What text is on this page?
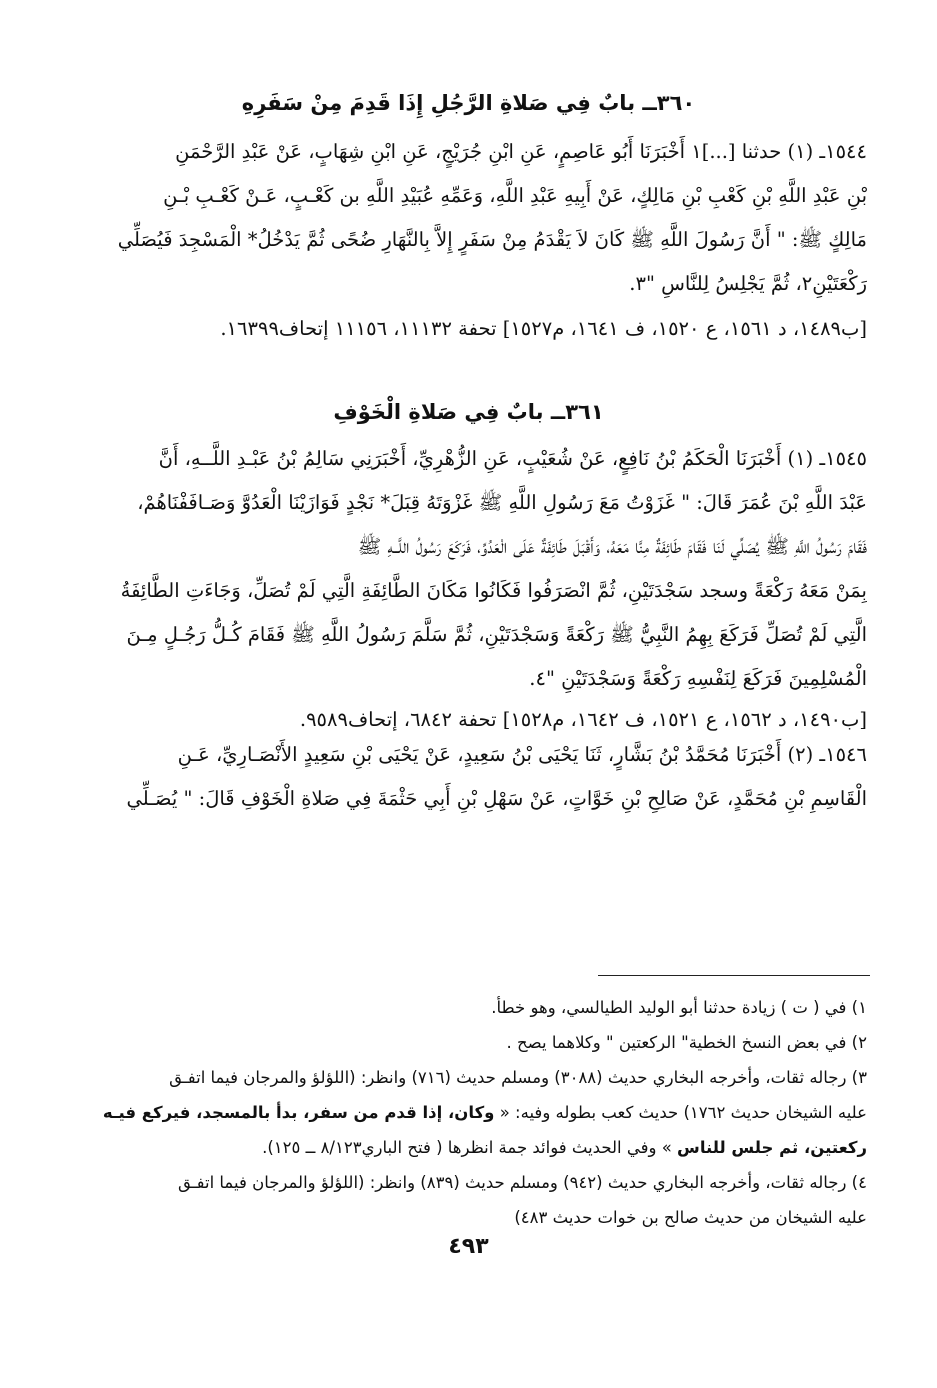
٣٦٠ــ بابٌ فِي صَلاةِ الرَّجُلِ إِذَا قَدِمَ مِنْ سَفَرِهِ
١٥٤٤ـ (١) حدثنا [...]١ أَخْبَرَنَا أَبُو عَاصِمٍ، عَنِ ابْنِ جُرَيْجٍ، عَنِ ابْنِ شِهَابٍ، عَنْ عَبْدِ الرَّحْمَنِ
بْنِ عَبْدِ اللَّهِ بْنِ كَعْبِ بْنِ مَالِكٍ، عَنْ أَبِيهِ عَبْدِ اللَّهِ، وَعَمِّهِ عُبَيْدِ اللَّهِ بن كَعْـبٍ، عَـنْ كَعْـبِ بْـنِ
مَالِكٍ ﷺ: " أَنَّ رَسُولَ اللَّهِ ﷺ كَانَ لاَ يَقْدَمُ مِنْ سَفَرٍ إِلاَّ بِالنَّهَارِ ضُحًى ثُمَّ يَدْخُلُ* الْمَسْجِدَ فَيُصَلِّي
رَكْعَتَيْنِ٢، ثُمَّ يَجْلِسُ لِلنَّاسِ "٣.
[ب١٤٨٩، د ١٥٦١، ع ١٥٢٠، ف ١٦٤١، م١٥٢٧] تحفة ١١١٣٢، ١١١٥٦ إتحاف١٦٣٩٩.
٣٦١ــ بابٌ فِي صَلاةِ الْخَوْفِ
١٥٤٥ـ (١) أَخْبَرَنَا الْحَكَمُ بْنُ نَافِعٍ، عَنْ شُعَيْبٍ، عَنِ الزُّهْرِيِّ، أَخْبَرَنِي سَالِمُ بْنُ عَبْـدِ اللَّــهِ، أَنَّ
عَبْدَ اللَّهِ بْنَ عُمَرَ قَالَ: " غَزَوْتُ مَعَ رَسُولِ اللَّهِ ﷺ غَزْوَتَهُ قِبَلَ* نَجْدٍ فَوَازَيْنَا الْعَدُوَّ وَصَـافَفْنَاهُمْ،
فَقَامَ رَسُولُ اللَّهِ ﷺ يُصَلِّي لَنَا فَقَامَ طَائِفَةٌ مِنَّا مَعَهُ، وَأَقْبَلَ طَائِفَةٌ عَلَى الْعَدُوِّ، فَرَكَعَ رَسُولُ اللَّــهِ ﷺ
بِمَنْ مَعَهُ رَكْعَةً وسجد سَجْدَتَيْنِ، ثُمَّ انْصَرَفُوا فَكَانُوا مَكَانَ الطَّائِفَةِ الَّتِي لَمْ تُصَلِّ، وَجَاءَتِ الطَّائِفَةُ
الَّتِي لَمْ تُصَلِّ فَرَكَعَ بِهِمُ النَّبِيُّ ﷺ رَكْعَةً وَسَجْدَتَيْنِ، ثُمَّ سَلَّمَ رَسُولُ اللَّهِ ﷺ فَقَامَ كُـلُّ رَجُـلٍ مِـنَ
الْمُسْلِمِينَ فَرَكَعَ لِنَفْسِهِ رَكْعَةً وَسَجْدَتَيْنِ "٤.
[ب١٤٩٠، د ١٥٦٢، ع ١٥٢١، ف ١٦٤٢، م١٥٢٨] تحفة ٦٨٤٢، إتحاف٩٥٨٩.
١٥٤٦ـ (٢) أَخْبَرَنَا مُحَمَّدُ بْنُ بَشَّارٍ، ثَنَا يَحْيَى بْنُ سَعِيدٍ، عَنْ يَحْيَى بْنِ سَعِيدٍ الأَنْصَـارِيِّ، عَـنِ
الْقَاسِمِ بْنِ مُحَمَّدٍ، عَنْ صَالِحِ بْنِ خَوَّاتٍ، عَنْ سَهْلِ بْنِ أَبِي حَثْمَةَ فِي صَلاةِ الْخَوْفِ قَالَ: " يُصَـلِّي
١) في ( ت ) زيادة حدثنا أبو الوليد الطيالسي، وهو خطأ.
٢) في بعض النسخ الخطية" الركعتين " وكلاهما يصح .
٣) رجاله ثقات، وأخرجه البخاري حديث (٣٠٨٨) ومسلم حديث (٧١٦) وانظر: (اللؤلؤ والمرجان فيما اتفـق
عليه الشيخان حديث ١٧٦٢) حديث كعب بطوله وفيه: « وكان، إذا قدم من سفر، بدأ بالمسجد، فيركع فيـه
ركعتين، ثم جلس للناس » وفي الحديث فوائد جمة انظرها ( فتح الباري٨/١٢٣ ــ ١٢٥).
٤) رجاله ثقات، وأخرجه البخاري حديث (٩٤٢) ومسلم حديث (٨٣٩) وانظر: (اللؤلؤ والمرجان فيما اتفـق
عليه الشيخان من حديث صالح بن خوات حديث ٤٨٣)
٤٩٣
